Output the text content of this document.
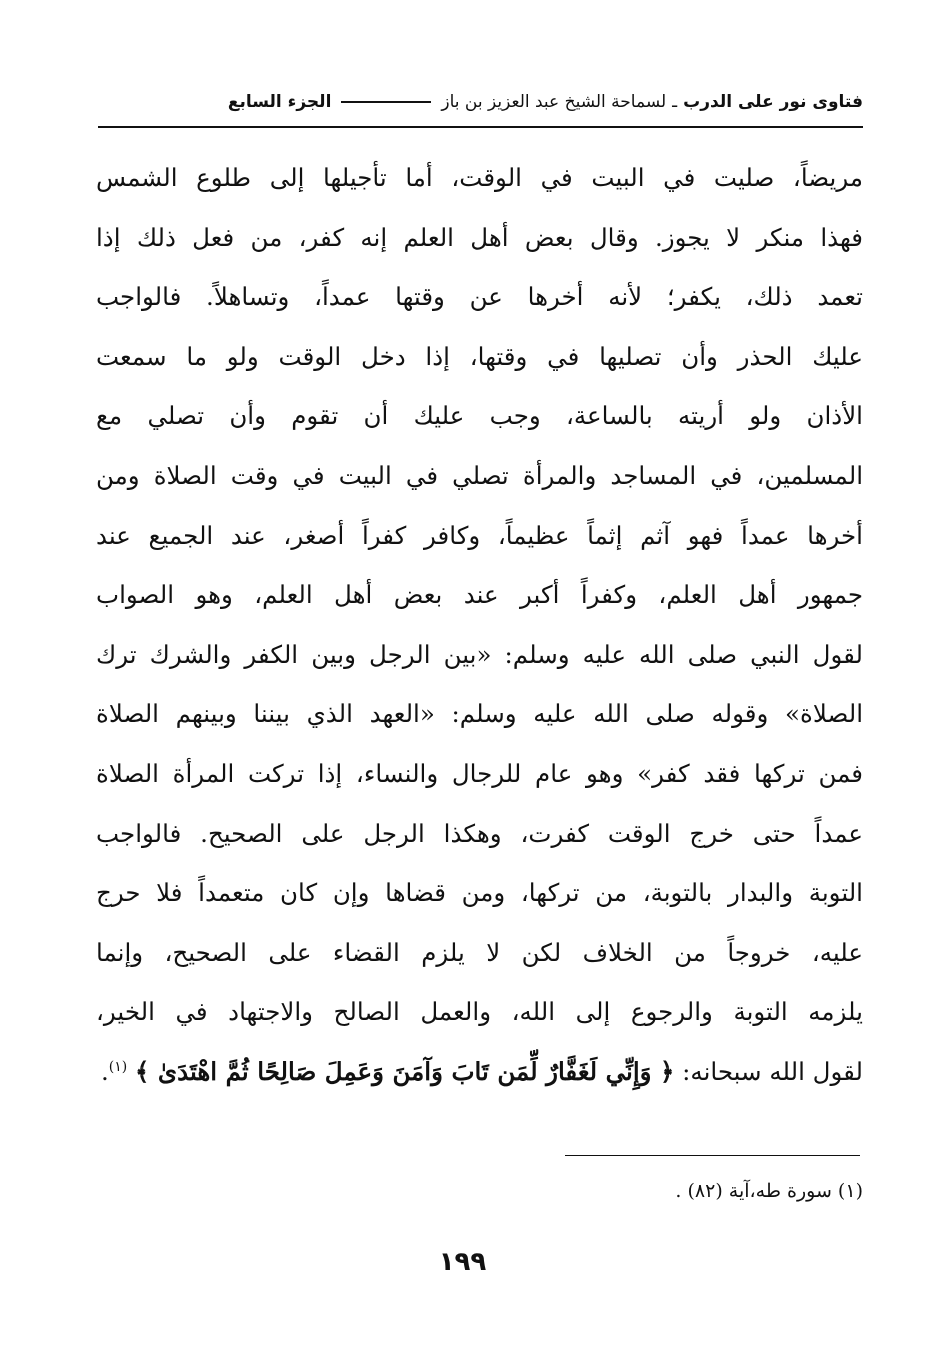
فتاوى نور على الدرب
ـ
لسماحة الشيخ عبد العزيز بن باز
الجزء السابع
مريضاً، صليت في البيت في الوقت، أما تأجيلها إلى طلوع الشمس
فهذا منكر لا يجوز. وقال بعض أهل العلم إنه كفر، من فعل ذلك إذا
تعمد ذلك، يكفر؛ لأنه أخرها عن وقتها عمداً، وتساهلاً. فالواجب
عليك الحذر وأن تصليها في وقتها، إذا دخل الوقت ولو ما سمعت
الأذان ولو أريته بالساعة، وجب عليك أن تقوم وأن تصلي مع
المسلمين، في المساجد والمرأة تصلي في البيت في وقت الصلاة ومن
أخرها عمداً فهو آثم إثماً عظيماً، وكافر كفراً أصغر، عند الجميع عند
جمهور أهل العلم، وكفراً أكبر عند بعض أهل العلم، وهو الصواب
لقول النبي صلى الله عليه وسلم: «بين الرجل وبين الكفر والشرك ترك
الصلاة» وقوله صلى الله عليه وسلم: «العهد الذي بيننا وبينهم الصلاة
فمن تركها فقد كفر» وهو عام للرجال والنساء، إذا تركت المرأة الصلاة
عمداً حتى خرج الوقت كفرت، وهكذا الرجل على الصحيح. فالواجب
التوبة والبدار بالتوبة، من تركها، ومن قضاها وإن كان متعمداً فلا حرج
عليه، خروجاً من الخلاف لكن لا يلزم القضاء على الصحيح، وإنما
يلزمه التوبة والرجوع إلى الله، والعمل الصالح والاجتهاد في الخير،
لقول الله سبحانه: ﴿ وَإِنِّي لَغَفَّارٌ لِّمَن تَابَ وَآمَنَ وَعَمِلَ صَالِحًا ثُمَّ اهْتَدَىٰ ﴾ $^{(١)}$.
(١) سورة طه،آية (٨٢) .
١٩٩
